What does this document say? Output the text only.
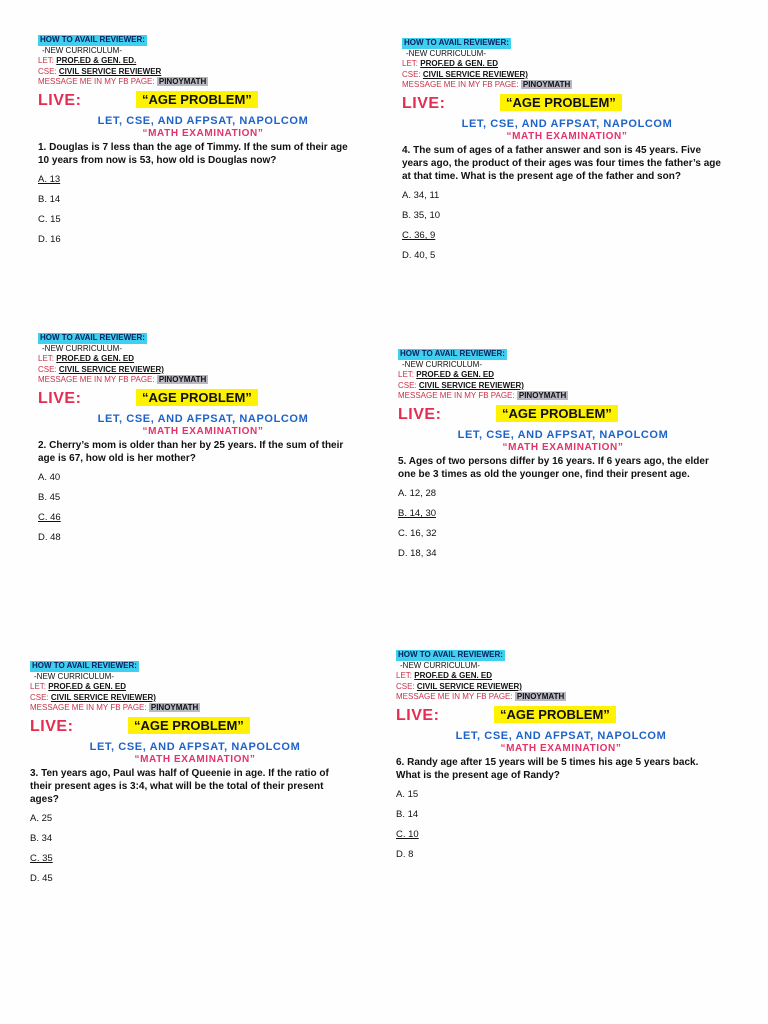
HOW TO AVAIL REVIEWER:
-NEW CURRICULUM-
LET: PROF.ED & GEN. ED.
CSE: CIVIL SERVICE REVIEWER
MESSAGE ME IN MY FB PAGE: PINOYMATH
LIVE:	“AGE PROBLEM”
LET, CSE, AND AFPSAT, NAPOLCOM
“MATH EXAMINATION”
1. Douglas is 7 less than the age of Timmy. If the sum of their age 10 years from now is 53, how old is Douglas now?
A. 13
B. 14
C. 15
D. 16
HOW TO AVAIL REVIEWER:
-NEW CURRICULUM-
LET: PROF.ED & GEN. ED
CSE: CIVIL SERVICE REVIEWER)
MESSAGE ME IN MY FB PAGE: PINOYMATH
LIVE:	“AGE PROBLEM”
LET, CSE, AND AFPSAT, NAPOLCOM
“MATH EXAMINATION”
2. Cherry’s mom is older than her by 25 years. If the sum of their age is 67, how old is her mother?
A. 40
B. 45
C. 46
D. 48
HOW TO AVAIL REVIEWER:
-NEW CURRICULUM-
LET: PROF.ED & GEN. ED
CSE: CIVIL SERVICE REVIEWER)
MESSAGE ME IN MY FB PAGE: PINOYMATH
LIVE:	“AGE PROBLEM”
LET, CSE, AND AFPSAT, NAPOLCOM
“MATH EXAMINATION”
3. Ten years ago, Paul was half of Queenie in age. If the ratio of their present ages is 3:4, what will be the total of their present ages?
A. 25
B. 34
C. 35
D. 45
HOW TO AVAIL REVIEWER:
-NEW CURRICULUM-
LET: PROF.ED & GEN. ED
CSE: CIVIL SERVICE REVIEWER)
MESSAGE ME IN MY FB PAGE: PINOYMATH
LIVE:	“AGE PROBLEM”
LET, CSE, AND AFPSAT, NAPOLCOM
“MATH EXAMINATION”
4. The sum of ages of a father answer and son is 45 years. Five years ago, the product of their ages was four times the father’s age at that time. What is the present age of the father and son?
A. 34, 11
B. 35, 10
C. 36, 9
D. 40, 5
HOW TO AVAIL REVIEWER:
-NEW CURRICULUM-
LET: PROF.ED & GEN. ED
CSE: CIVIL SERVICE REVIEWER)
MESSAGE ME IN MY FB PAGE: PINOYMATH
LIVE:	“AGE PROBLEM”
LET, CSE, AND AFPSAT, NAPOLCOM
“MATH EXAMINATION”
5. Ages of two persons differ by 16 years. If 6 years ago, the elder one be 3 times as old the younger one, find their present age.
A. 12, 28
B. 14, 30
C. 16, 32
D. 18, 34
HOW TO AVAIL REVIEWER:
-NEW CURRICULUM-
LET: PROF.ED & GEN. ED
CSE: CIVIL SERVICE REVIEWER)
MESSAGE ME IN MY FB PAGE: PINOYMATH
LIVE:	“AGE PROBLEM”
LET, CSE, AND AFPSAT, NAPOLCOM
“MATH EXAMINATION”
6. Randy age after 15 years will be 5 times his age 5 years back. What is the present age of Randy?
A. 15
B. 14
C. 10
D. 8
